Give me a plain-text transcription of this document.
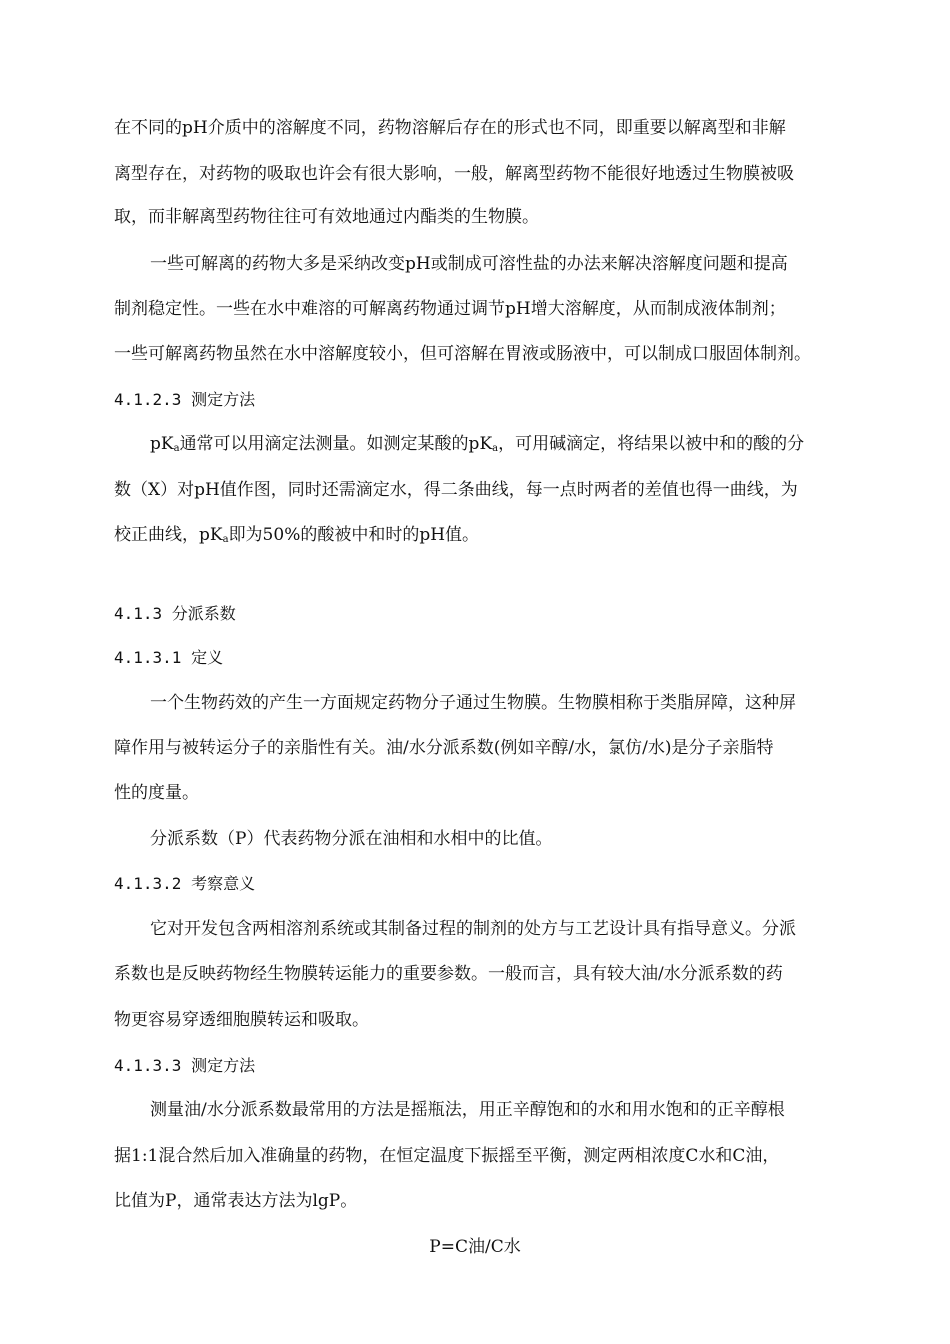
在不同的pH介质中的溶解度不同，药物溶解后存在的形式也不同，即重要以解离型和非解
离型存在，对药物的吸取也许会有很大影响，一般，解离型药物不能很好地透过生物膜被吸
取，而非解离型药物往往可有效地通过内酯类的生物膜。
一些可解离的药物大多是采纳改变pH或制成可溶性盐的办法来解决溶解度问题和提高
制剂稳定性。一些在水中难溶的可解离药物通过调节pH增大溶解度，从而制成液体制剂；
一些可解离药物虽然在水中溶解度较小，但可溶解在胃液或肠液中，可以制成口服固体制剂。
4.1.2.3 测定方法
$pK_a$通常可以用滴定法测量。如测定某酸的$pK_a$，可用碱滴定，将结果以被中和的酸的分
数（X）对pH值作图，同时还需滴定水，得二条曲线，每一点时两者的差值也得一曲线，为
校正曲线，$pK_a$即为50%的酸被中和时的pH值。
4.1.3 分派系数
4.1.3.1 定义
一个生物药效的产生一方面规定药物分子通过生物膜。生物膜相称于类脂屏障，这种屏
障作用与被转运分子的亲脂性有关。油/水分派系数(例如辛醇/水，氯仿/水)是分子亲脂特
性的度量。
分派系数（P）代表药物分派在油相和水相中的比值。
4.1.3.2 考察意义
它对开发包含两相溶剂系统或其制备过程的制剂的处方与工艺设计具有指导意义。分派
系数也是反映药物经生物膜转运能力的重要参数。一般而言，具有较大油/水分派系数的药
物更容易穿透细胞膜转运和吸取。
4.1.3.3 测定方法
测量油/水分派系数最常用的方法是摇瓶法，用正辛醇饱和的水和用水饱和的正辛醇根
据1:1混合然后加入准确量的药物，在恒定温度下振摇至平衡，测定两相浓度C水和C油，
比值为P，通常表达方法为lgP。
P=C油/C水
